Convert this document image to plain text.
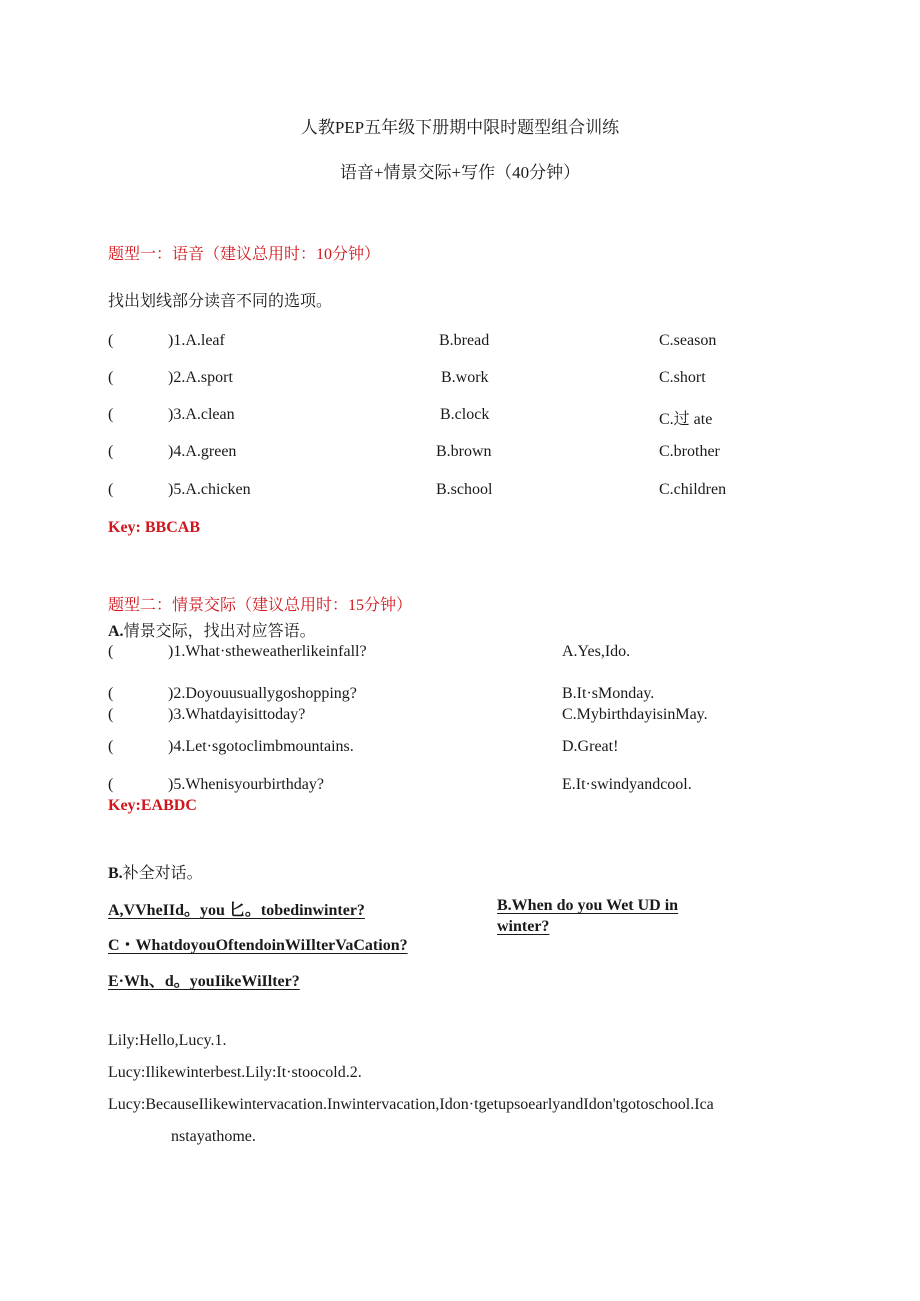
人教PEP五年级下册期中限时题型组合训练
语音+情景交际+写作（40分钟）
题型一：语音（建议总用时：10分钟）
找出划线部分读音不同的选项。
(	)1.A.leaf	B.bread	C.season
(	)2.A.sport	B.work	C.short
(	)3.A.clean	B.clock	C.过 ate
(	)4.A.green	B.brown	C.brother
(	)5.A.chicken	B.school	C.children
Key: BBCAB
题型二：情景交际（建议总用时：15分钟）
A.情景交际，找出对应答语。
(	)1.What·stheweatherlikeinfall?	A.Yes,Ido.
(	)2.Doyouusuallygoshopping?	B.It·sMonday.
(	)3.Whatdayisittoday?	C.MybirthdayisinMay.
(	)4.Let·sgotoclimbmountains.	D.Great!
(	)5.Whenisyourbirthday?	E.It·swindyandcool.
Key:EABDC
B.补全对话。
A,VVheIId。you 匕。tobedinwinter?	B.When do you Wet UD in
winter?
C・WhatdoyouOftendoinWiIlterVaCation?
E·Wh、d。youIikeWiIlter?
Lily:Hello,Lucy.1.
Lucy:Ilikewinterbest.Lily:It·stoocold.2.
Lucy:BecauseIlikewintervacation.Inwintervacation,Idon·tgetupsoearlyandIdon'tgotoschool.Ica
nstayathome.
